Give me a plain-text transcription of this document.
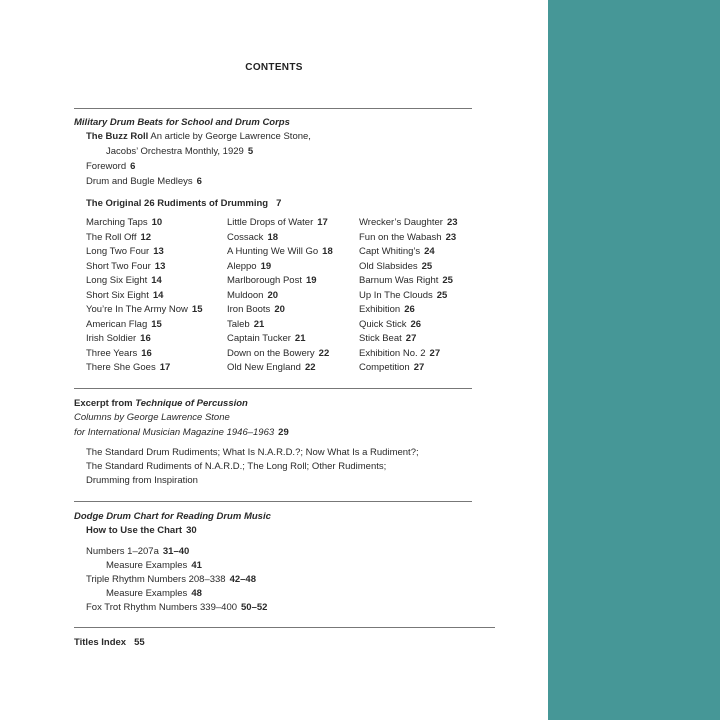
CONTENTS
Military Drum Beats for School and Drum Corps
The Buzz Roll An article by George Lawrence Stone,
Jacobs’ Orchestra Monthly, 1929 5
Foreword 6
Drum and Bugle Medleys 6
The Original 26 Rudiments of Drumming 7
Marching Taps 10
The Roll Off 12
Long Two Four 13
Short Two Four 13
Long Six Eight 14
Short Six Eight 14
You’re In The Army Now 15
American Flag 15
Irish Soldier 16
Three Years 16
There She Goes 17
Little Drops of Water 17
Cossack 18
A Hunting We Will Go 18
Aleppo 19
Marlborough Post 19
Muldoon 20
Iron Boots 20
Taleb 21
Captain Tucker 21
Down on the Bowery 22
Old New England 22
Wrecker’s Daughter 23
Fun on the Wabash 23
Capt Whiting’s 24
Old Slabsides 25
Barnum Was Right 25
Up In The Clouds 25
Exhibition 26
Quick Stick 26
Stick Beat 27
Exhibition No. 2 27
Competition 27
Excerpt from Technique of Percussion
Columns by George Lawrence Stone
for International Musician Magazine 1946–1963 29
The Standard Drum Rudiments; What Is N.A.R.D.?; Now What Is a Rudiment?;
The Standard Rudiments of N.A.R.D.; The Long Roll; Other Rudiments;
Drumming from Inspiration
Dodge Drum Chart for Reading Drum Music
How to Use the Chart 30
Numbers 1–207a 31–40
Measure Examples 41
Triple Rhythm Numbers 208–338 42–48
Measure Examples 48
Fox Trot Rhythm Numbers 339–400 50–52
Titles Index 55
